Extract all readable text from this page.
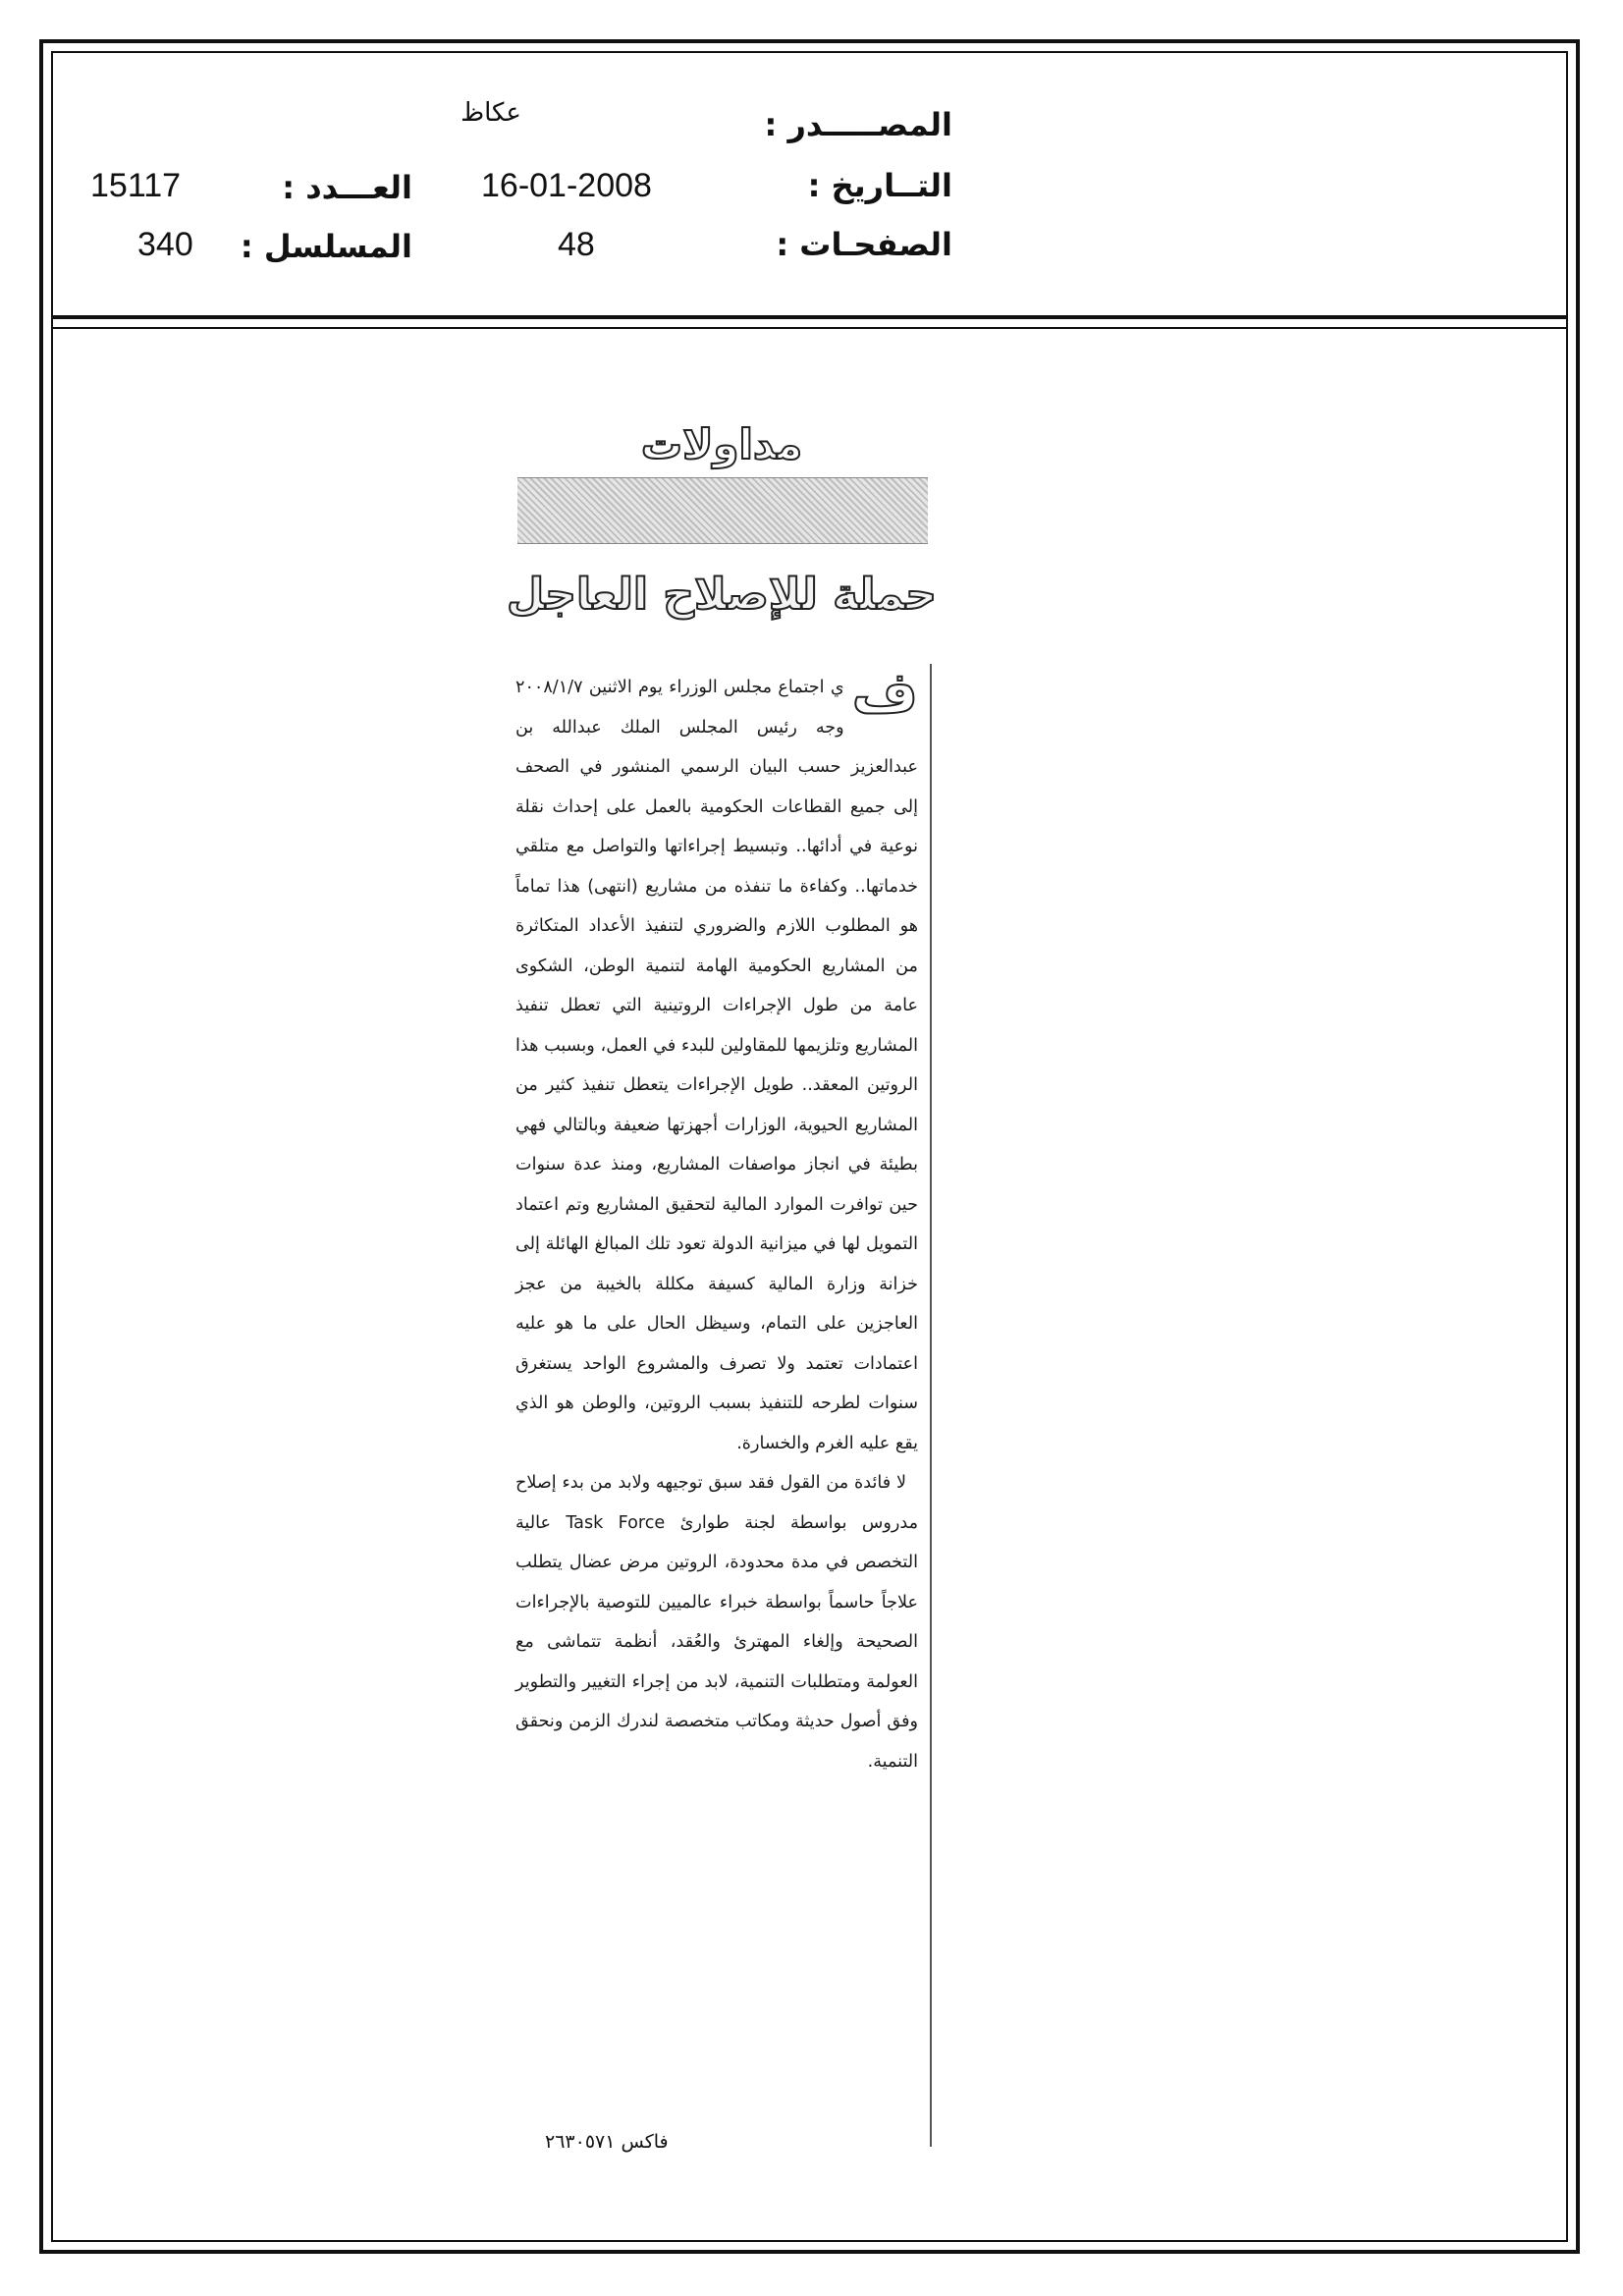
المصـــــدر :
عكاظ
التــاريخ :
16-01-2008
العـــدد :
15117
الصفحـات :
48
المسلسل :
340
مداولات
حملة للإصلاح العاجل

ف
ي اجتماع مجلس الوزراء يوم الاثنين ٢٠٠٨/١/٧ وجه رئيس المجلس الملك عبدالله بن عبدالعزيز حسب البيان الرسمي المنشور في الصحف إلى جميع القطاعات الحكومية بالعمل على إحداث نقلة نوعية في أدائها.. وتبسيط إجراءاتها والتواصل مع متلقي خدماتها.. وكفاءة ما تنفذه من مشاريع (انتهى) هذا تماماً هو المطلوب اللازم والضروري لتنفيذ الأعداد المتكاثرة من المشاريع الحكومية الهامة لتنمية الوطن، الشكوى عامة من طول الإجراءات الروتينية التي تعطل تنفيذ المشاريع وتلزيمها للمقاولين للبدء في العمل، وبسبب هذا الروتين المعقد.. طويل الإجراءات يتعطل تنفيذ كثير من المشاريع الحيوية، الوزارات أجهزتها ضعيفة وبالتالي فهي بطيئة في انجاز مواصفات المشاريع، ومنذ عدة سنوات حين توافرت الموارد المالية لتحقيق المشاريع وتم اعتماد التمويل لها في ميزانية الدولة تعود تلك المبالغ الهائلة إلى خزانة وزارة المالية كسيفة مكللة بالخيبة من عجز العاجزين على التمام، وسيظل الحال على ما هو عليه اعتمادات تعتمد ولا تصرف والمشروع الواحد يستغرق سنوات لطرحه للتنفيذ بسبب الروتين، والوطن هو الذي يقع عليه الغرم والخسارة.

لا فائدة من القول فقد سبق توجيهه ولابد من بدء إصلاح مدروس بواسطة لجنة طوارئ Task Force عالية التخصص في مدة محدودة، الروتين مرض عضال يتطلب علاجاً حاسماً بواسطة خبراء عالميين للتوصية بالإجراءات الصحيحة وإلغاء المهترئ والعُقد، أنظمة تتماشى مع العولمة ومتطلبات التنمية، لابد من إجراء التغيير والتطوير وفق أصول حديثة ومكاتب متخصصة لندرك الزمن ونحقق التنمية.

فاكس ٢٦٣٠٥٧١
